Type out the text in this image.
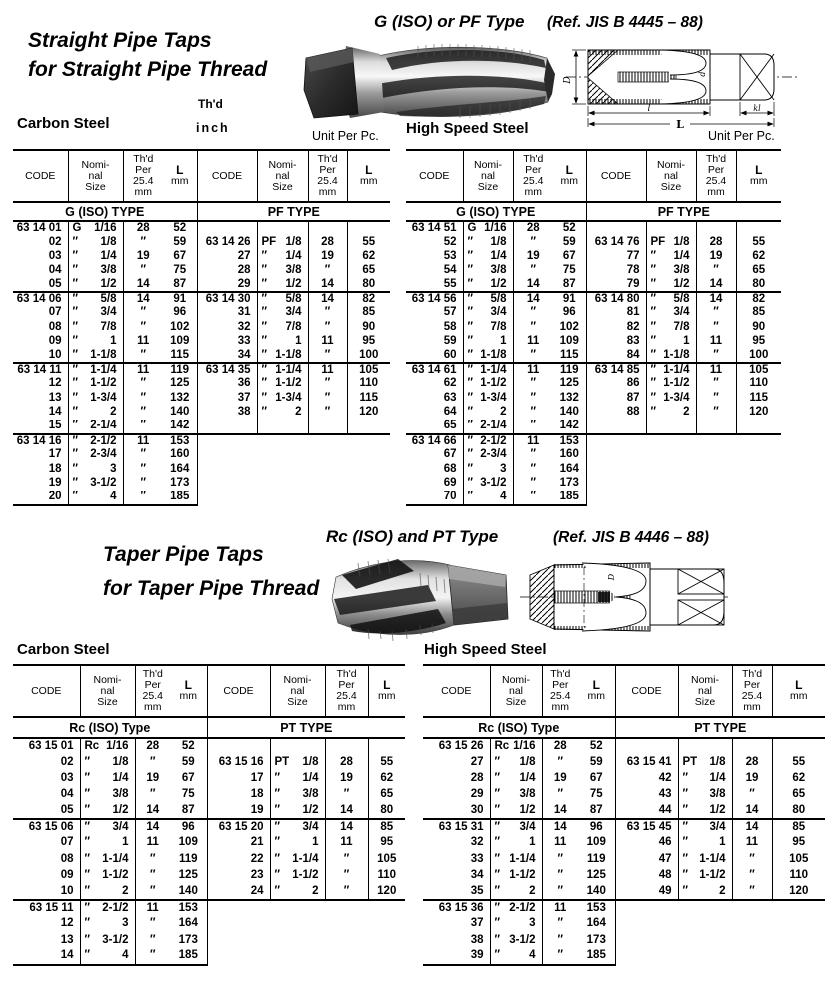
Straight Pipe Taps
for Straight Pipe Thread
G (ISO) or PF Type (Ref. JIS B 4445 – 88)
D
d
l	kl
L
Th'd
inch
Carbon Steel
Unit Per Pc. High Speed Steel	Unit Per Pc.
CODE

Nomi-
nal
Size

Th'd
Per
25.4
mm

L
mm	CODE

Nomi-
nal
Size

Th'd
Per
25.4
mm

L
mm

G (ISO) TYPE				PF TYPE			
63 14 01	G 1/16	28	52				
02	″ 1/8	″	59	63 14 26	PF 1/8	28	55
03	″ 1/4	19	67	27	″ 1/4	19	62
04	″ 3/8	″	75	28	″ 3/8	″	65
05	″ 1/2	14	87	29	″ 1/2	14	80
63 14 06	″ 5/8	14	91	63 14 30	″ 5/8	14	82
07	″ 3/4	″	96	31	″ 3/4	″	85
08	″ 7/8	″	102	32	″ 7/8	″	90
09	″ 1	11	109	33	″ 1	11	95
10	″ 1-1/8	″	115	34	″ 1-1/8	″	100
63 14 11	″ 1-1/4	11	119	63 14 35	″ 1-1/4	11	105
12	″ 1-1/2	″	125	36	″ 1-1/2	″	110
13	″ 1-3/4	″	132	37	″ 1-3/4	″	115
14	″ 2	″	140	38	″ 2	″	120
15	″ 2-1/4	″	142				
63 14 16	″ 2-1/2	11	153				
17	″ 2-3/4	″	160				
18	″ 3	″	164				
19	″ 3-1/2	″	173				
20	″ 4	″	185				
CODE

Nomi-
nal
Size

Th'd
Per
25.4
mm

L
mm	CODE

Nomi-
nal
Size

Th'd
Per
25.4
mm

L
mm

G (ISO) TYPE				PF TYPE			
63 14 51	G 1/16	28	52				
52	″ 1/8	″	59	63 14 76	PF 1/8	28	55
53	″ 1/4	19	67	77	″ 1/4	19	62
54	″ 3/8	″	75	78	″ 3/8	″	65
55	″ 1/2	14	87	79	″ 1/2	14	80
63 14 56	″ 5/8	14	91	63 14 80	″ 5/8	14	82
57	″ 3/4	″	96	81	″ 3/4	″	85
58	″ 7/8	″	102	82	″ 7/8	″	90
59	″ 1	11	109	83	″ 1	11	95
60	″ 1-1/8	″	115	84	″ 1-1/8	″	100
63 14 61	″ 1-1/4	11	119	63 14 85	″ 1-1/4	11	105
62	″ 1-1/2	″	125	86	″ 1-1/2	″	110
63	″ 1-3/4	″	132	87	″ 1-3/4	″	115
64	″ 2	″	140	88	″ 2	″	120
65	″ 2-1/4	″	142				
63 14 66	″ 2-1/2	11	153				
67	″ 2-3/4	″	160				
68	″ 3	″	164				
69	″ 3-1/2	″	173				
70	″ 4	″	185				
Taper Pipe Taps
for Taper Pipe Thread
Rc (ISO) and PT Type	(Ref. JIS B 4446 – 88)
D
Carbon Steel	High Speed Steel
CODE

Nomi-
nal
Size

Th'd
Per
25.4
mm

L
mm	CODE

Nomi-
nal
Size

Th'd
Per
25.4
mm

L
mm

Rc (ISO) Type				PT TYPE			
63 15 01	Rc 1/16	28	52				
02	″ 1/8	″	59	63 15 16	PT 1/8	28	55
03	″ 1/4	19	67	17	″ 1/4	19	62
04	″ 3/8	″	75	18	″ 3/8	″	65
05	″ 1/2	14	87	19	″ 1/2	14	80
63 15 06	″ 3/4	14	96	63 15 20	″ 3/4	14	85
07	″ 1	11	109	21	″ 1	11	95
08	″ 1-1/4	″	119	22	″ 1-1/4	″	105
09	″ 1-1/2	″	125	23	″ 1-1/2	″	110
10	″ 2	″	140	24	″ 2	″	120
63 15 11	″ 2-1/2	11	153				
12	″ 3	″	164				
13	″ 3-1/2	″	173				
14	″ 4	″	185				
CODE

Nomi-
nal
Size

Th'd
Per
25.4
mm

L
mm	CODE

Nomi-
nal
Size

Th'd
Per
25.4
mm

L
mm

Rc (ISO) Type				PT TYPE			
63 15 26	Rc 1/16	28	52				
27	″ 1/8	″	59	63 15 41	PT 1/8	28	55
28	″ 1/4	19	67	42	″ 1/4	19	62
29	″ 3/8	″	75	43	″ 3/8	″	65
30	″ 1/2	14	87	44	″ 1/2	14	80
63 15 31	″ 3/4	14	96	63 15 45	″ 3/4	14	85
32	″ 1	11	109	46	″ 1	11	95
33	″ 1-1/4	″	119	47	″ 1-1/4	″	105
34	″ 1-1/2	″	125	48	″ 1-1/2	″	110
35	″ 2	″	140	49	″ 2	″	120
63 15 36	″ 2-1/2	11	153				
37	″ 3	″	164				
38	″ 3-1/2	″	173				
39	″ 4	″	185				
